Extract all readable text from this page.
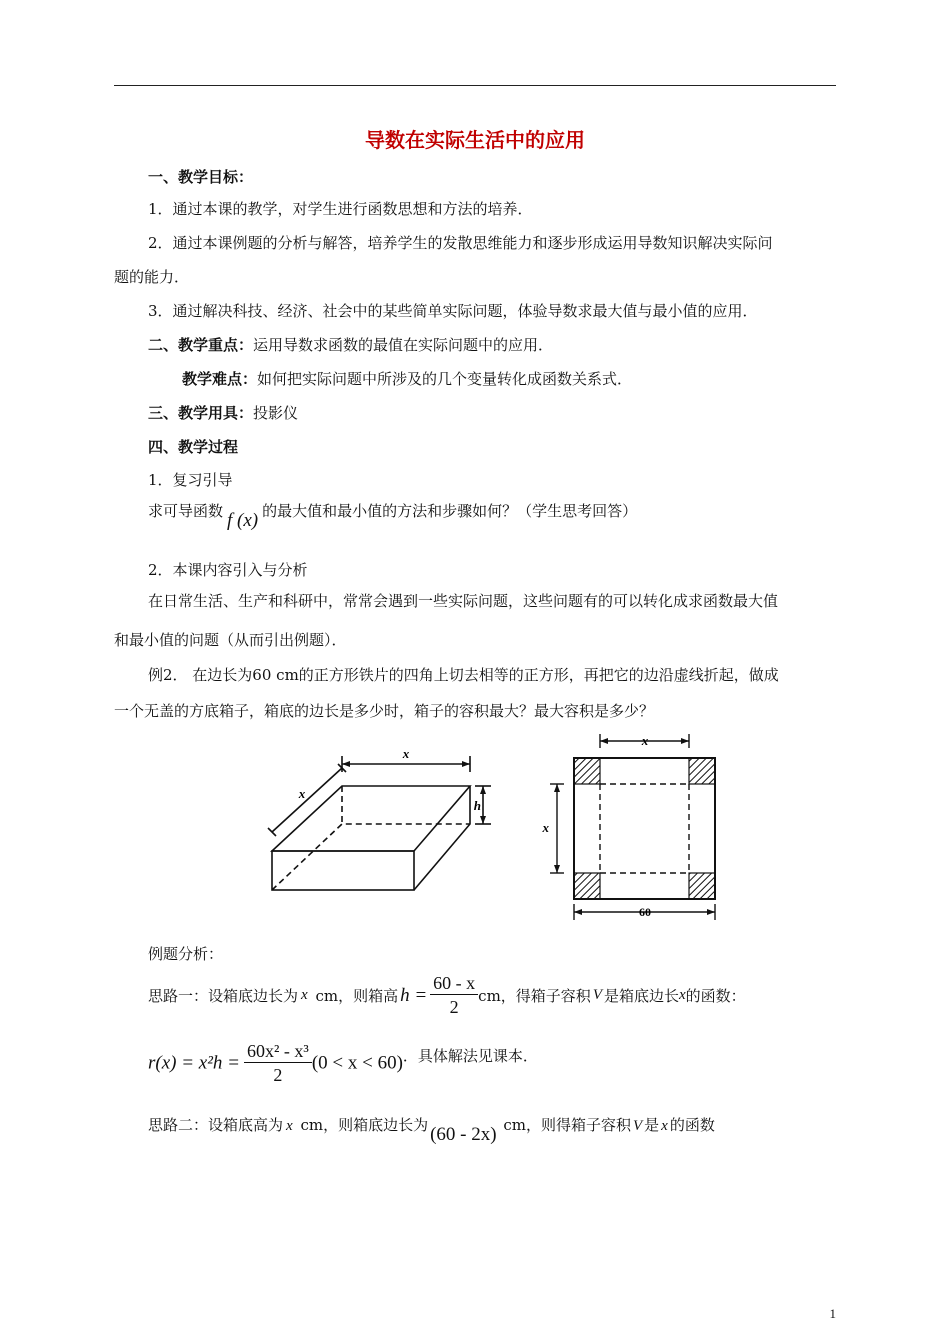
导数在实际生活中的应用
一、教学目标：
1．通过本课的教学，对学生进行函数思想和方法的培养．
2．通过本课例题的分析与解答，培养学生的发散思维能力和逐步形成运用导数知识解决实际问
题的能力．
3．通过解决科技、经济、社会中的某些简单实际问题，体验导数求最大值与最小值的应用．
二、教学重点：运用导数求函数的最值在实际问题中的应用．
教学难点：如何把实际问题中所涉及的几个变量转化成函数关系式．
三、教学用具：投影仪
四、教学过程
1．复习引导
求可导函数 f (x) 的最大值和最小值的方法和步骤如何？（学生思考回答）
2．本课内容引入与分析
在日常生活、生产和科研中，常常会遇到一些实际问题，这些问题有的可以转化成求函数最大值
和最小值的问题（从而引出例题）．
例2． 在边长为60 cm的正方形铁片的四角上切去相等的正方形，再把它的边沿虚线折起，做成
一个无盖的方底箱子，箱底的边长是多少时，箱子的容积最大？最大容积是多少？
x
x
h
x
x
60
例题分析：
思路一：设箱底边长为 x cm，则箱高 $h = \frac{60 - x}{2}$ cm，得箱子容积 V 是箱底边长x的函数：
$r(x) = x^2h = \frac{\text{60x² - x³}}{2} (0 < x < 60)$．具体解法见课本．
思路二：设箱底高为 x cm，则箱底边长为 (60 - 2x) cm，则得箱子容积 V 是 x 的函数
1
